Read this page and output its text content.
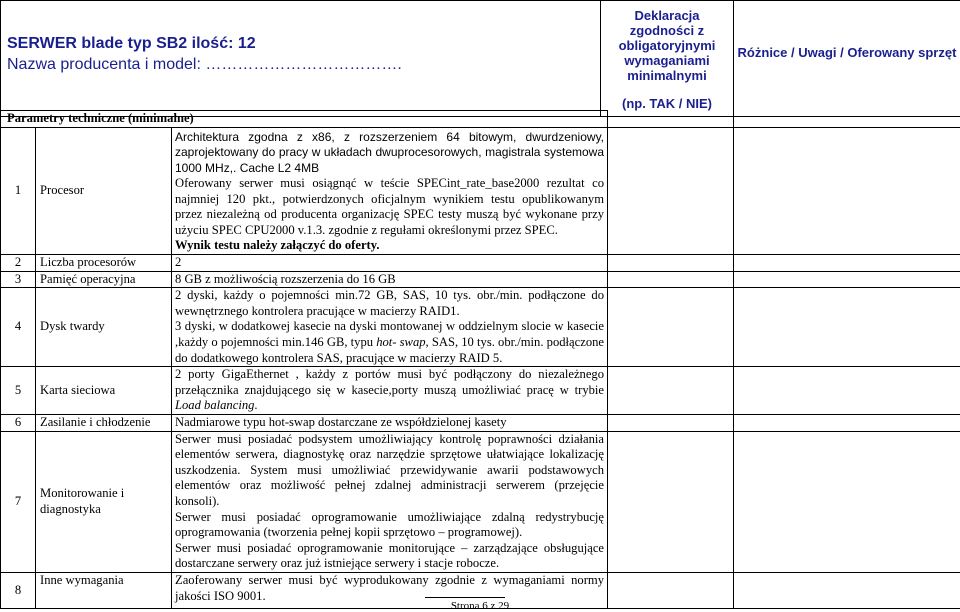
SERWER blade typ SB2 ilość: 12
Nazwa producenta i model: ……………………………….

Deklaracja zgodności z obligatoryjnymi wymaganiami minimalnymi
(np. TAK / NIE)

Różnice / Uwagi / Oferowany sprzęt
Parametry techniczne (minimalne)				
1	Procesor	Architektura zgodna z x86, z rozszerzeniem 64 bitowym, dwurdzeniowy, zaprojektowany do pracy w układach dwuprocesorowych, magistrala systemowa 1000 MHz,. Cache L2 4MB
Oferowany serwer musi osiągnąć w teście SPECint_rate_base2000 rezultat co najmniej 120 pkt., potwierdzonych oficjalnym wynikiem testu opublikowanym przez niezależną od producenta organizację SPEC testy muszą być wykonane przy użyciu SPEC CPU2000 v.1.3. zgodnie z regułami określonymi przez SPEC.
Wynik testu należy załączyć do oferty.		

2	Liczba procesorów	2		
3	Pamięć operacyjna	8 GB z możliwością rozszerzenia do 16 GB		
4	Dysk twardy	2 dyski, każdy o pojemności min.72 GB, SAS, 10 tys. obr./min. podłączone do wewnętrznego kontrolera pracujące w macierzy RAID1.
3 dyski, w dodatkowej kasecie na dyski montowanej w oddzielnym slocie w kasecie ,każdy o pojemności min.146 GB, typu hot- swap, SAS, 10 tys. obr./min. podłączone do dodatkowego kontrolera SAS, pracujące w macierzy RAID 5.		

5	Karta sieciowa	2 porty GigaEthernet , każdy z portów musi być podłączony do niezależnego przełącznika znajdującego się w kasecie,porty muszą umożliwiać pracę w trybie Load balancing.		
6	Zasilanie i chłodzenie	Nadmiarowe typu hot-swap dostarczane ze współdzielonej kasety		
7	Monitorowanie i diagnostyka	Serwer musi posiadać podsystem umożliwiający kontrolę poprawności działania elementów serwera, diagnostykę oraz narzędzie sprzętowe ułatwiające lokalizację uszkodzenia. System musi umożliwiać przewidywanie awarii podstawowych elementów oraz możliwość pełnej zdalnej administracji serwerem (przejęcie konsoli).
Serwer musi posiadać oprogramowanie umożliwiające zdalną redystrybucję oprogramowania (tworzenia pełnej kopii sprzętowo – programowej).
Serwer musi posiadać oprogramowanie monitorujące – zarządzające obsługujące dostarczane serwery oraz już istniejące serwery i stacje robocze.		

8	Inne wymagania	Zaoferowany serwer musi być wyprodukowany zgodnie z wymaganiami normy jakości ISO 9001.		
Strona 6 z 29
